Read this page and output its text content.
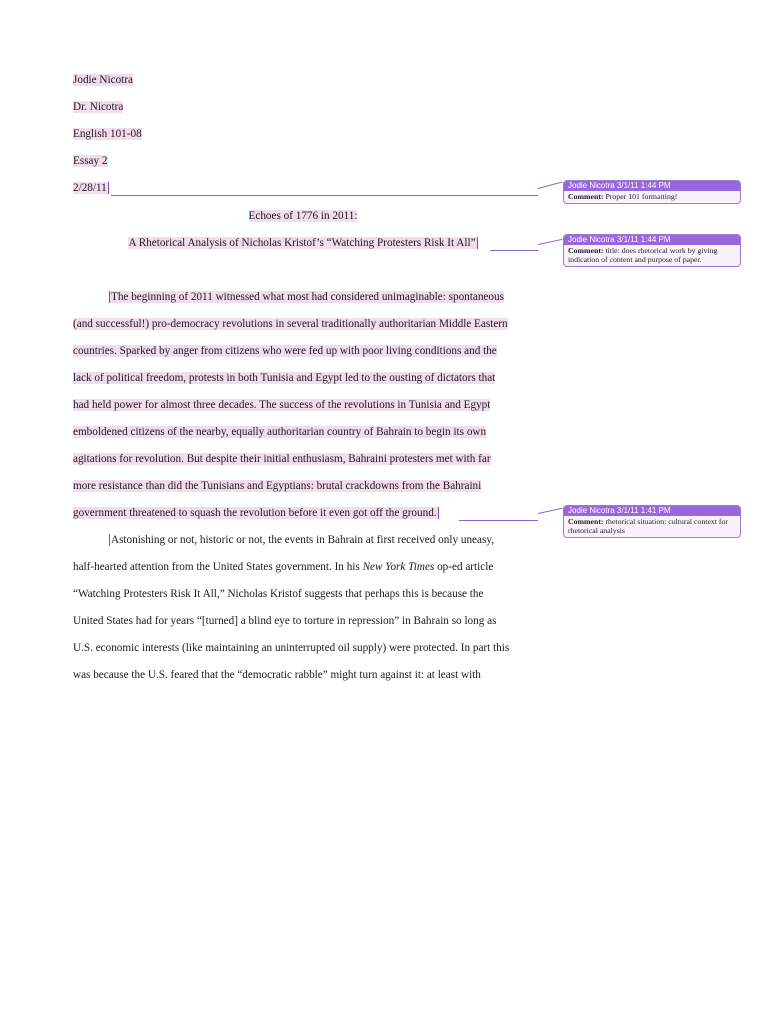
Jodie Nicotra
Dr. Nicotra
English 101-08
Essay 2
2/28/11
Echoes of 1776 in 2011:
A Rhetorical Analysis of Nicholas Kristof’s “Watching Protesters Risk It All”
The beginning of 2011 witnessed what most had considered unimaginable: spontaneous
(and successful!) pro-democracy revolutions in several traditionally authoritarian Middle Eastern
countries. Sparked by anger from citizens who were fed up with poor living conditions and the
lack of political freedom, protests in both Tunisia and Egypt led to the ousting of dictators that
had held power for almost three decades. The success of the revolutions in Tunisia and Egypt
emboldened citizens of the nearby, equally authoritarian country of Bahrain to begin its own
agitations for revolution. But despite their initial enthusiasm, Bahraini protesters met with far
more resistance than did the Tunisians and Egyptians: brutal crackdowns from the Bahraini
government threatened to squash the revolution before it even got off the ground.
Astonishing or not, historic or not, the events in Bahrain at first received only uneasy,
half-hearted attention from the United States government. In his New York Times op-ed article
“Watching Protesters Risk It All,” Nicholas Kristof suggests that perhaps this is because the
United States had for years “[turned] a blind eye to torture in repression” in Bahrain so long as
U.S. economic interests (like maintaining an uninterrupted oil supply) were protected. In part this
was because the U.S. feared that the “democratic rabble” might turn against it: at least with
Jodie Nicotra 3/1/11 1:44 PM
Comment: Proper 101 formatting!
Jodie Nicotra 3/1/11 1:44 PM
Comment: title: does rhetorical work by giving indication of content and purpose of paper.
Jodie Nicotra 3/1/11 1:41 PM
Comment: rhetorical situation: cultural context for rhetorical analysis
